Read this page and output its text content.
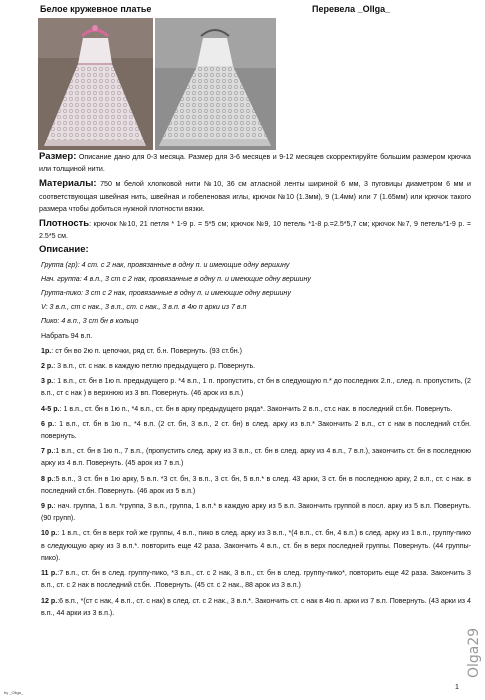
Белое кружевное платье	Перевела _Ollga_

Размер: Описание дано для 0-3 месяца. Размер для 3-6 месяцев и 9-12 месяцев скорректируйте большим размером крючка или толщиной нити.

Материалы: 750 м белой хлопковой нити №10, 36 см атласной ленты шириной 6 мм, 3 пуговицы диаметром 6 мм и соответствующая швейная нить, швейная и гобеленовая иглы, крючок №10 (1.3мм), 9 (1.4мм) или 7 (1.65мм) или крючок такого размера чтобы добиться нужной плотности вязки.

Плотность: крючок №10, 21 петля * 1-9 р. = 5*5 см; крючок №9, 10 петель *1-8 р.=2.5*5,7 см; крючок №7, 9 петель*1-9 р. = 2.5*5 см.

Описание:

Группа (гр): 4 ст. с 2 нак, провязанные в одну п. и имеющие одну вершину

Нач. группа: 4 в.п., 3 ст с 2 нак, провязанные в одну п. и имеющие одну вершину

Группа-пико: 3 ст с 2 нак, провязанные в одну п. и имеющие одну вершину

V: 3 в.п., ст с нак., 3 в.п., ст. с нак., 3 в.п. в 4ю п арки из 7 в.п

Пико: 4 в.п., 3 ст бн в кольцо

Набрать 94 в.п.

1р.: ст бн во 2ю п. цепочки, ряд ст. б.н. Повернуть. (93 ст.бн.)

2 р.: 3 в.п., ст. с нак. в каждую петлю предыдущего р. Повернуть.

3 р.: 1 в.п., ст. бн в 1ю п. предыдущего р. *4 в.п., 1 п. пропустить, ст бн в следующую п.* до последних 2.п., след. п. пропустить, (2 в.п., ст с нак ) в верхнюю из 3 вп. Повернуть. (46 арок из в.п.)

4-5 р.: 1 в.п., ст. бн в 1ю п., *4 в.п., ст. бн в арку предыдущего ряда*. Закончить 2 в.п., ст.с нак. в последний ст.бн. Повернуть.

6 р.: 1 в.п., ст. бн в 1ю п., *4 в.п. (2 ст. бн, 3 в.п., 2 ст. бн) в след. арку из в.п.* Закончить 2 в.п., ст с нак в последний ст.бн. повернуть.

7 р.:1 в.п., ст. бн в 1ю п., 7 в.п., (пропустить след. арку из 3 в.п., ст. бн в след. арку из 4 в.п., 7 в.п.), закончить ст. бн в последнюю арку из 4 в.п. Повернуть. (45 арок из 7 в.п.)

8 р.:5 в.п., 3 ст. бн в 1ю арку, 5 в.п. *3 ст. бн, 3 в.п., 3 ст. бн, 5 в.п.* в след. 43 арки, 3 ст. бн в последнюю арку, 2 в.п., ст. с нак. в последний ст.бн. Повернуть. (46 арок из 5 в.п.)

9 р.: нач. группа, 1 в.п. *группа, 3 в.п., группа, 1 в.п.* в каждую арку из 5 в.п. Закончить группой в посл. арку из 5 в.п. Повернуть. (90 групп).

10 р.: 1 в.п., ст. бн в верх той же группы, 4 в.п., пико в след. арку из 3 в.п., *(4 в.п., ст. бн, 4 в.п.) в след. арку из 1 в.п., группу-пико в следующую арку из 3 в.п.*. повторить еще 42 раза. Закончить 4 в.п., ст. бн в верх последней группы. Повернуть. (44 группы-пико).

11 р.:7 в.п., ст. бн в след. группу-пико, *3 в.п., ст. с 2 нак, 3 в.п., ст. бн в след. группу-пико*, повторить еще 42 раза. Закончить 3 в.п., ст. с 2 нак в последний ст.бн. .Повернуть. (45 ст. с 2 нак., 88 арок из 3 в.п.)

12 р.:6 в.п., *(ст с нак, 4 в.п., ст. с нак) в след. ст. с 2 нак., 3 в.п.*. Закончить ст. с нак в 4ю п. арки из 7 в.п. Повернуть. (43 арки из 4 в.п., 44 арки из 3 в.п.).

Olga29
1
by _Ollga_
